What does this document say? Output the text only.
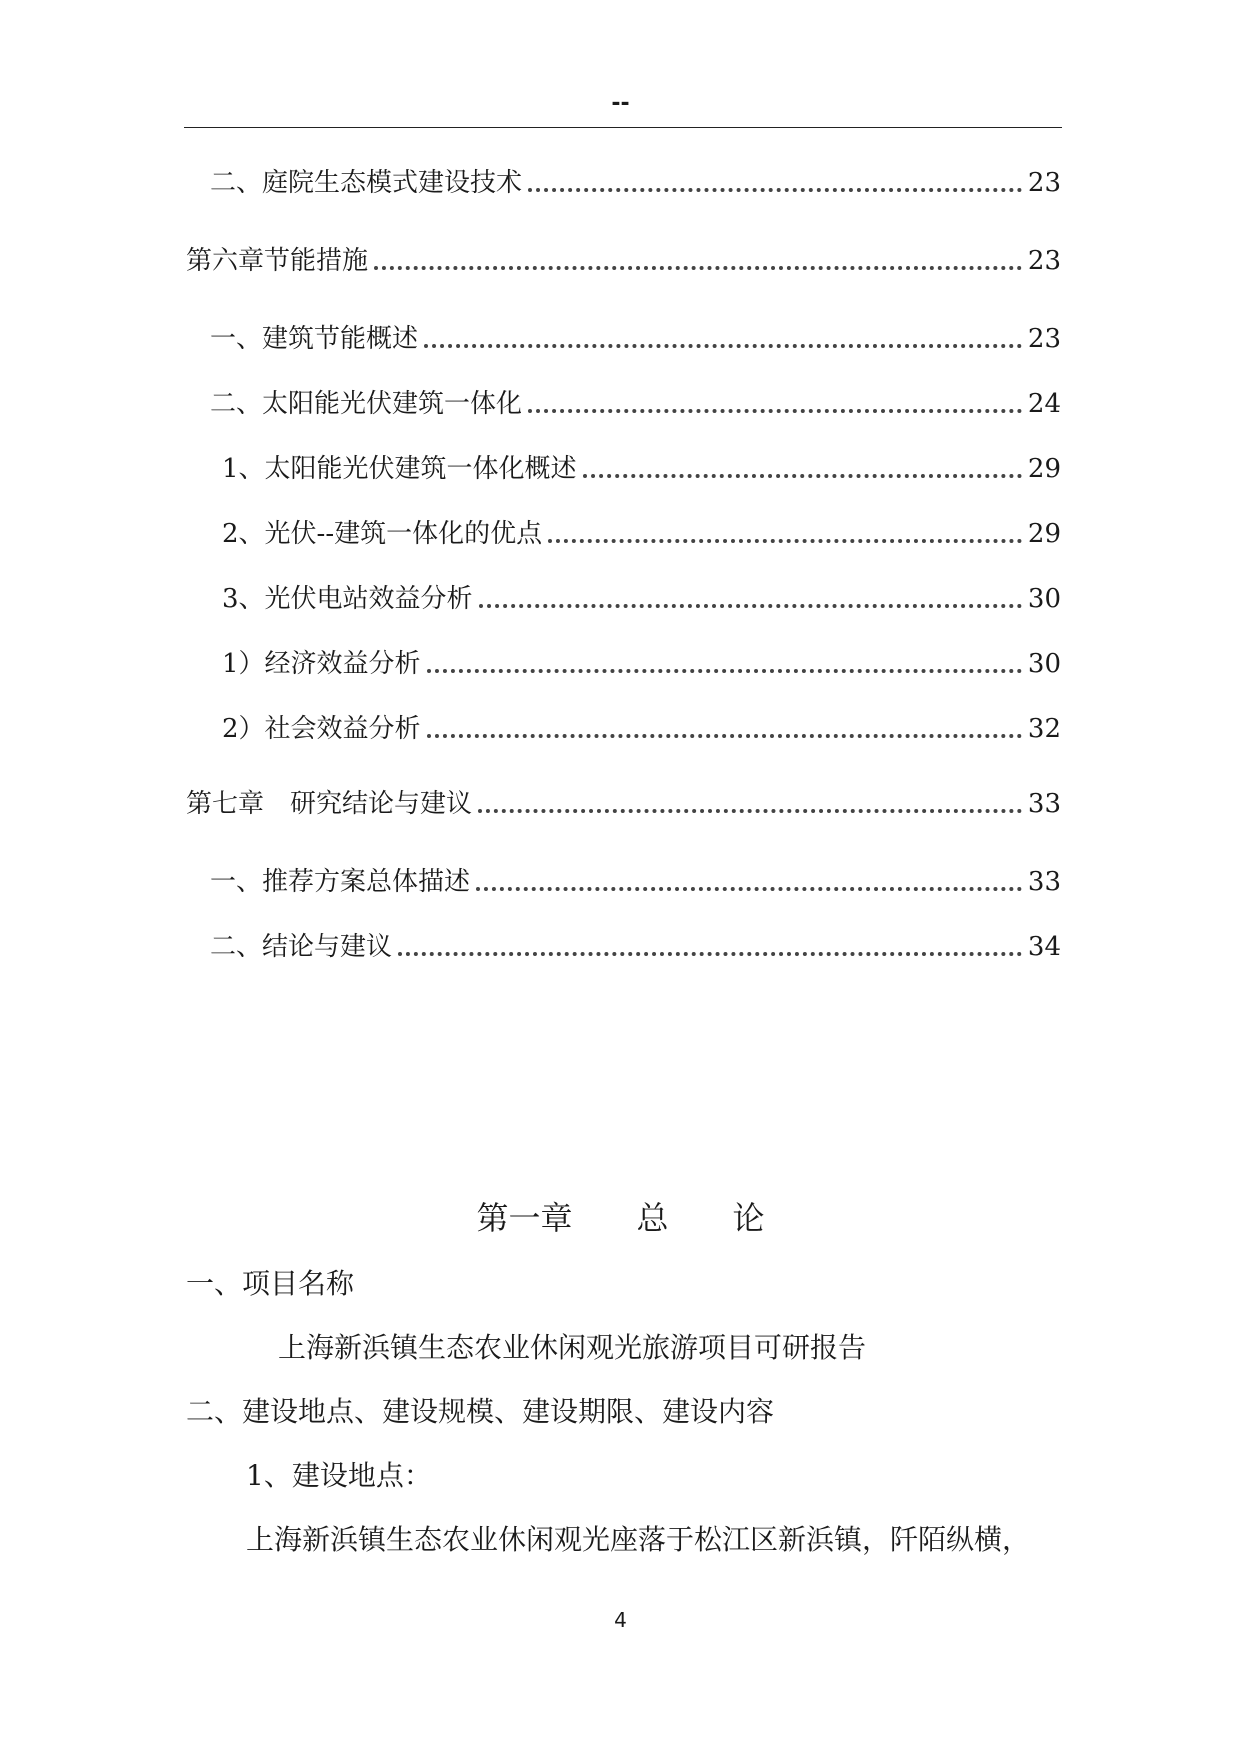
--
二、庭院生态模式建设技术	23
第六章节能措施	23
一、建筑节能概述	23
二、太阳能光伏建筑一体化	24
1、太阳能光伏建筑一体化概述	29
2、光伏--建筑一体化的优点	29
3、光伏电站效益分析	30
1）经济效益分析	30
2）社会效益分析	32
第七章　研究结论与建议	33
一、推荐方案总体描述	33
二、结论与建议	34
第一章　　总　　论
一、项目名称
上海新浜镇生态农业休闲观光旅游项目可研报告
二、建设地点、建设规模、建设期限、建设内容
1、建设地点：
上海新浜镇生态农业休闲观光座落于松江区新浜镇，阡陌纵横，
4
